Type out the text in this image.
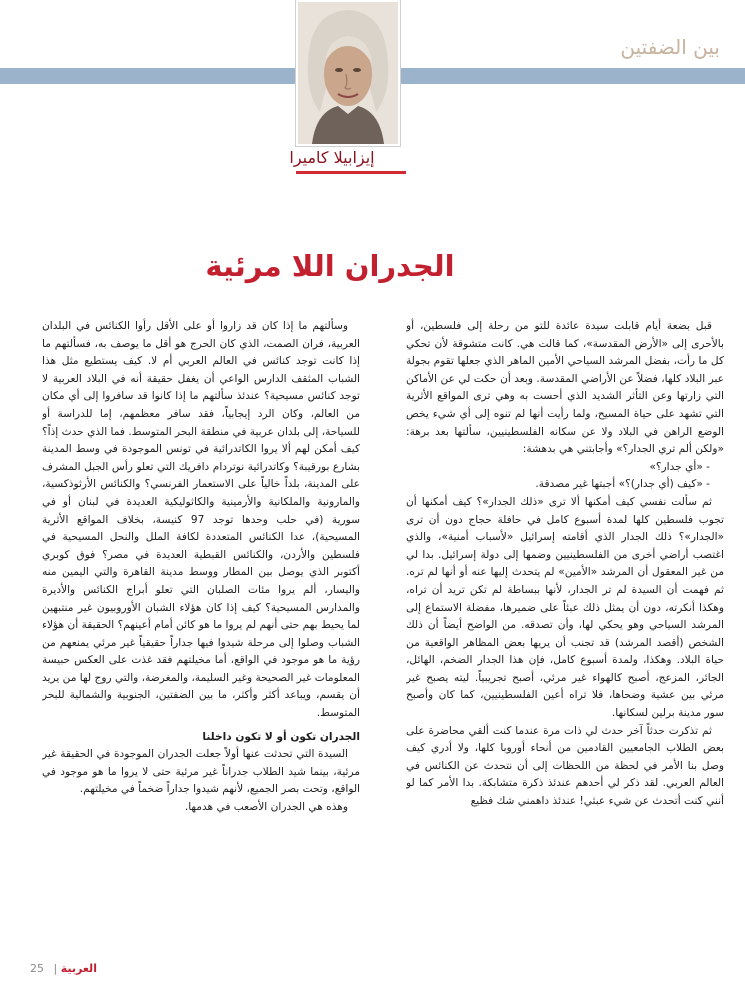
بين الضفتين
إيزابيلا كاميرا
الجدران اللا مرئية

قبل بضعة أيام قابلت سيدة عائدة للتو من رحلة إلى فلسطين، أو بالأحرى إلى «الأرض المقدسة»، كما قالت هي. كانت متشوقة لأن تحكي كل ما رأت، بفضل المرشد السياحي الأمين الماهر الذي جعلها تقوم بجولة عبر البلاد كلها، فضلاً عن الأراضي المقدسة. وبعد أن حكت لي عن الأماكن التي زارتها وعن التأثر الشديد الذي أحست به وهي ترى المواقع الأثرية التي تشهد على حياة المسيح، ولما رأيت أنها لم تنوه إلى أي شيء يخص الوضع الراهن في البلاد ولا عن سكانه الفلسطينيين، سألتها بعد برهة: «ولكن ألم تري الجدار؟» وأجابتني هي بدهشة:

- «أي جدار؟»

- «كيف (أي جدار)؟» أجبتها غير مصدقة.

ثم سألت نفسي كيف أمكنها ألا ترى «ذلك الجدار»؟ كيف أمكنها أن تجوب فلسطين كلها لمدة أسبوع كامل في حافلة حجاج دون أن ترى «الجدار»؟ ذلك الجدار الذي أقامته إسرائيل «لأسباب أمنية»، والذي اغتصب أراضي أخرى من الفلسطينيين وضمها إلى دولة إسرائيل. بدا لي من غير المعقول أن المرشد «الأمين» لم يتحدث إليها عنه أو أنها لم تره. ثم فهمت أن السيدة لم تر الجدار، لأنها ببساطة لم تكن تريد أن تراه، وهكذا أنكرته، دون أن يمثل ذلك عبئاً على ضميرها، مفضلة الاستماع إلى المرشد السياحي وهو يحكي لها، وأن تصدقه. من الواضح أيضاً أن ذلك الشخص (أقصد المرشد) قد تجنب أن يريها بعض المظاهر الواقعية من حياة البلاد. وهكذا، ولمدة أسبوع كامل، فإن هذا الجدار الضخم، الهائل، الجائر، المزعج، أصبح كالهواء غير مرئي، أصبح تجريبياً. ليته يصبح غير مرئي بين عشية وضحاها، فلا تراه أعين الفلسطينيين، كما كان وأصبح سور مدينة برلين لسكانها.

ثم تذكرت حدثاً آخر حدث لي ذات مرة عندما كنت ألقي محاضرة على بعض الطلاب الجامعيين القادمين من أنحاء أوروبا كلها، ولا أدري كيف وصل بنا الأمر في لحظة من اللحظات إلى أن نتحدث عن الكنائس في العالم العربي. لقد ذكر لي أحدهم عندئذ ذكرة متشابكة. بدا الأمر كما لو أنني كنت أتحدث عن شيء عبثي! عندئذ داهمني شك فظيع

وسألتهم ما إذا كان قد زاروا أو على الأقل رأوا الكنائس في البلدان العربية، فران الصمت، الذي كان الحرج هو أقل ما يوصف به، فسألتهم ما إذا كانت توجد كنائس في العالم العربي أم لا. كيف يستطيع مثل هذا الشباب المثقف الدارس الواعي أن يغفل حقيقة أنه في البلاد العربية لا توجد كنائس مسيحية؟ عندئذ سألتهم ما إذا كانوا قد سافروا إلى أي مكان من العالم، وكان الرد إيجابياً، فقد سافر معظمهم، إما للدراسة أو للسياحة، إلى بلدان عربية في منطقة البحر المتوسط. فما الذي حدث إذاً؟ كيف أمكن لهم ألا يروا الكاتدرائية في تونس الموجودة في وسط المدينة بشارع بورقيبة؟ وكاتدرائية نوتردام دافريك التي تعلو رأس الجبل المشرف على المدينة، بلداً خالياً على الاستعمار الفرنسي؟ والكنائس الأرثوذكسية، والمارونية والملكانية والأرمينية والكاثوليكية العديدة في لبنان أو في سورية (في حلب وحدها توجد 97 كنيسة، بخلاف المواقع الأثرية المسيحية)، عدا الكنائس المتعددة لكافة الملل والنحل المسيحية في فلسطين والأردن، والكنائس القبطية العديدة في مصر؟ فوق كوبري أكتوبر الذي يوصل بين المطار ووسط مدينة القاهرة والتي اليمين منه واليسار، ألم يروا مئات الصلبان التي تعلو أبراج الكنائس والأديرة والمدارس المسيحية؟ كيف إذا كان هؤلاء الشبان الأوروبيون غير منتبهين لما يحيط بهم حتى أنهم لم يروا ما هو كائن أمام أعينهم؟ الحقيقة أن هؤلاء الشباب وصلوا إلى مرحلة شيدوا فيها جداراً حقيقياً غير مرئي يمنعهم من رؤية ما هو موجود في الواقع، أما مخيلتهم فقد غذت على العكس حبيسة المعلومات غير الصحيحة وغير السليمة، والمغرضة، والتي روج لها من يريد أن يقسم، ويباعد أكثر وأكثر، ما بين الضفتين، الجنوبية والشمالية للبحر المتوسط.

الجدران تكون أو لا تكون داخلنا

السيدة التي تحدثت عنها أولاً جعلت الجدران الموجودة في الحقيقة غير مرئية، بينما شيد الطلاب جدراناً غير مرئية حتى لا يروا ما هو موجود في الواقع، وتحت بصر الجميع، لأنهم شيدوا جداراً ضخماً في مخيلتهم.

وهذه هي الجدران الأصعب في هدمها.

25 | العربية
